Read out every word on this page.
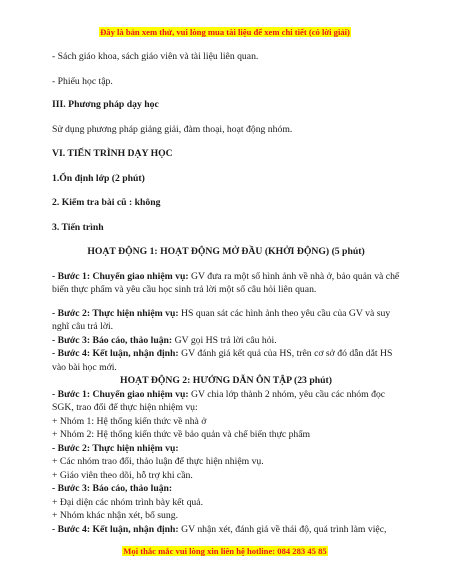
Đây là bản xem thử, vui lòng mua tài liệu để xem chi tiết (có lời giải)

- Sách giáo khoa, sách giáo viên và tài liệu liên quan.

- Phiếu học tập.

III. Phương pháp dạy học

Sử dụng phương pháp giảng giải, đàm thoại, hoạt động nhóm.

VI. TIẾN TRÌNH DẠY HỌC

1.Ổn định lớp (2 phút)

2. Kiểm tra bài cũ : không

3. Tiến trình

HOẠT ĐỘNG 1: HOẠT ĐỘNG MỞ ĐẦU (KHỞI ĐỘNG) (5 phút)

- Bước 1: Chuyển giao nhiệm vụ: GV đưa ra một số hình ảnh về nhà ở, bảo quản và chế biến thực phẩm và yêu cầu học sinh trả lời một số câu hỏi liên quan.

- Bước 2: Thực hiện nhiệm vụ: HS quan sát các hình ảnh theo yêu cầu của GV và suy nghĩ câu trả lời.

- Bước 3: Báo cáo, thảo luận: GV gọi HS trả lời câu hỏi.

- Bước 4: Kết luận, nhận định: GV đánh giá kết quả của HS, trên cơ sở đó dẫn dắt HS vào bài học mới.

HOẠT ĐỘNG 2: HƯỚNG DẪN ÔN TẬP (23 phút)

- Bước 1: Chuyển giao nhiệm vụ: GV chia lớp thành 2 nhóm, yêu cầu các nhóm đọc SGK, trao đổi để thực hiện nhiệm vụ:

+ Nhóm 1: Hệ thống kiến thức về nhà ở

+ Nhóm 2: Hệ thống kiến thức về bảo quản và chế biến thực phẩm

- Bước 2: Thực hiện nhiệm vụ:

+ Các nhóm trao đổi, thảo luận để thực hiện nhiệm vụ.

+ Giáo viên theo dõi, hỗ trợ khi cần.

- Bước 3: Báo cáo, thảo luận:

+ Đại diện các nhóm trình bày kết quả.

+ Nhóm khác nhận xét, bổ sung.

- Bước 4: Kết luận, nhận định: GV nhận xét, đánh giá về thái độ, quá trình làm việc,

Mọi thắc mắc vui lòng xin liên hệ hotline: 084 283 45 85
